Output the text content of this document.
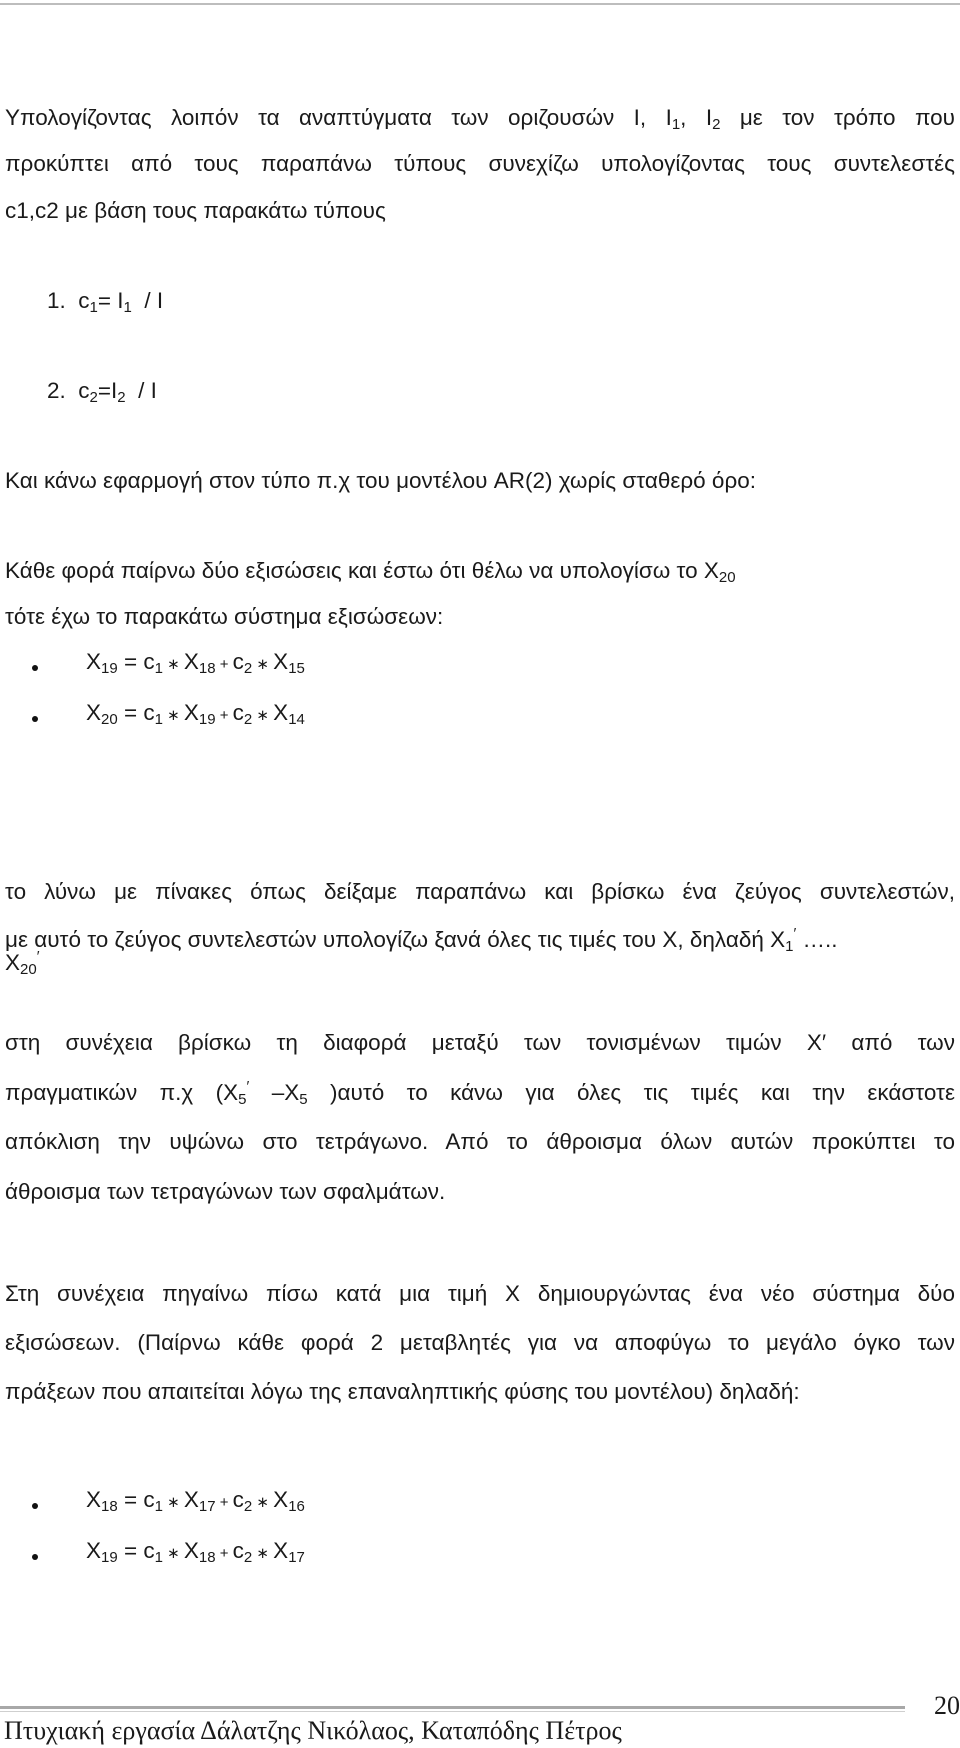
Υπολογίζοντας λοιπόν τα αναπτύγματα των οριζουσών Ι, $I_1$, $I_2$ με τον τρόπο που
προκύπτει από τους παραπάνω τύπους συνεχίζω υπολογίζοντας τους συντελεστές
c1,c2 με βάση τους παρακάτω τύπους
1. $c_1= I_1 / I$
2. $c_2=I_2 / I$
Και κάνω εφαρμογή στον τύπο π.χ του μοντέλου AR(2) χωρίς σταθερό όρο:
Κάθε φορά παίρνω δύο εξισώσεις και έστω ότι θέλω να υπολογίσω το $X_{20}$
τότε έχω το παρακάτω σύστημα εξισώσεων:
$X_{19} = c_1$ ∗ $X_{18} + c_2$ ∗ $X_{15}$
$X_{20} = c_1$ ∗ $X_{19} + c_2$ ∗ $X_{14}$
το λύνω με πίνακες όπως δείξαμε παραπάνω και βρίσκω ένα ζεύγος συντελεστών,
με αυτό το ζεύγος συντελεστών υπολογίζω ξανά όλες τις τιμές του Χ, δηλαδή $X_1'$ …..
$X_{20}'$
στη συνέχεια βρίσκω τη διαφορά μεταξύ των τονισμένων τιμών Χ′ από των
πραγματικών π.χ ($X_5'$ $-X_5$ )αυτό το κάνω για όλες τις τιμές και την εκάστοτε
απόκλιση την υψώνω στο τετράγωνο. Από το άθροισμα όλων αυτών προκύπτει το
άθροισμα των τετραγώνων των σφαλμάτων.
Στη συνέχεια πηγαίνω πίσω κατά μια τιμή Χ δημιουργώντας ένα νέο σύστημα δύο
εξισώσεων. (Παίρνω κάθε φορά 2 μεταβλητές για να αποφύγω το μεγάλο όγκο των
πράξεων που απαιτείται λόγω της επαναληπτικής φύσης του μοντέλου) δηλαδή:
$X_{18} = c_1$ ∗ $X_{17} + c_2$ ∗ $X_{16}$
$X_{19} = c_1$ ∗ $X_{18} + c_2$ ∗ $X_{17}$
20
Πτυχιακή εργασία Δάλατζης Νικόλαος, Καταπόδης Πέτρος
